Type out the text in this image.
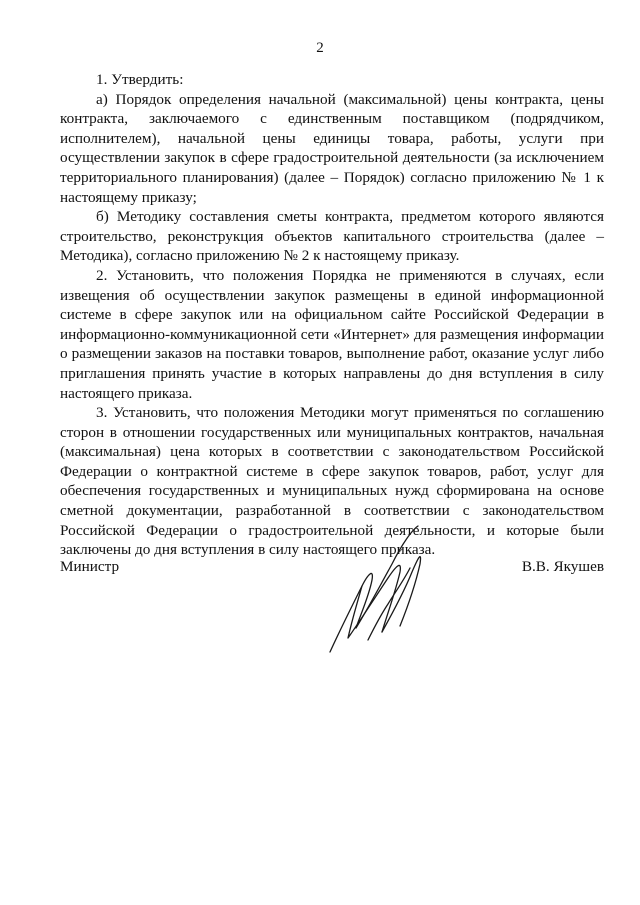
2

1. Утвердить:

а) Порядок определения начальной (максимальной) цены контракта, цены контракта, заключаемого с единственным поставщиком (подрядчиком, исполнителем), начальной цены единицы товара, работы, услуги при осуществлении закупок в сфере градостроительной деятельности (за исключением территориального планирования) (далее – Порядок) согласно приложению № 1 к настоящему приказу;

б) Методику составления сметы контракта, предметом которого являются строительство, реконструкция объектов капитального строительства (далее – Методика), согласно приложению № 2 к настоящему приказу.

2. Установить, что положения Порядка не применяются в случаях, если извещения об осуществлении закупок размещены в единой информационной системе в сфере закупок или на официальном сайте Российской Федерации в информационно-коммуникационной сети «Интернет» для размещения информации о размещении заказов на поставки товаров, выполнение работ, оказание услуг либо приглашения принять участие в которых направлены до дня вступления в силу настоящего приказа.

3. Установить, что положения Методики могут применяться по соглашению сторон в отношении государственных или муниципальных контрактов, начальная (максимальная) цена которых в соответствии с законодательством Российской Федерации о контрактной системе в сфере закупок товаров, работ, услуг для обеспечения государственных и муниципальных нужд сформирована на основе сметной документации, разработанной в соответствии с законодательством Российской Федерации о градостроительной деятельности, и которые были заключены до дня вступления в силу настоящего приказа.

Министр	В.В. Якушев
